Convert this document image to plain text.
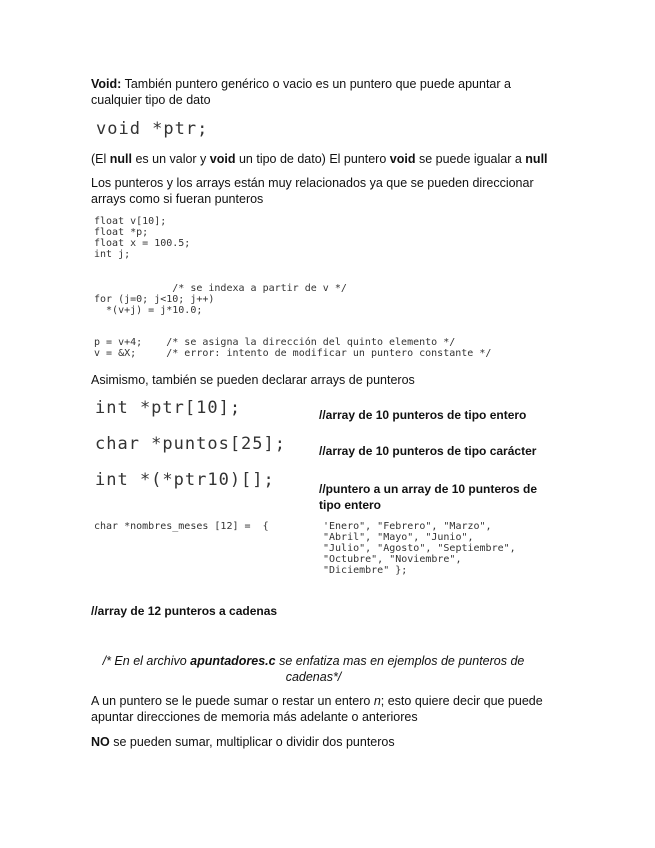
Void: También puntero genérico o vacio es un puntero que puede apuntar a
cualquier tipo de dato
void *ptr;
(El null es un valor y void un tipo de dato) El puntero void se puede igualar a null
Los punteros y los arrays están muy relacionados ya que se pueden direccionar
arrays como si fueran punteros
float v[10];
float *p;
float x = 100.5;
int j;
/* se indexa a partir de v */
for (j=0; j<10; j++)
*(v+j) = j*10.0;
p = v+4;    /* se asigna la dirección del quinto elemento */
v = &X;     /* error: intento de modificar un puntero constante */
Asimismo, también se pueden declarar arrays de punteros
int *ptr[10];	//array de 10 punteros de tipo entero
char *puntos[25];	//array de 10 punteros de tipo carácter
int *(*ptr10)[];	//puntero a un array de 10 punteros de
tipo entero
char *nombres_meses [12] =  {	'Enero", "Febrero", "Marzo",
"Abril", "Mayo", "Junio",
"Julio", "Agosto", "Septiembre",
"Octubre", "Noviembre",
"Diciembre" };
//array de 12 punteros a cadenas
/* En el archivo apuntadores.c se enfatiza mas en ejemplos de punteros de
cadenas*/
A un puntero se le puede sumar o restar un entero n; esto quiere decir que puede
apuntar direcciones de memoria más adelante o anteriores
NO se pueden sumar, multiplicar o dividir dos punteros
